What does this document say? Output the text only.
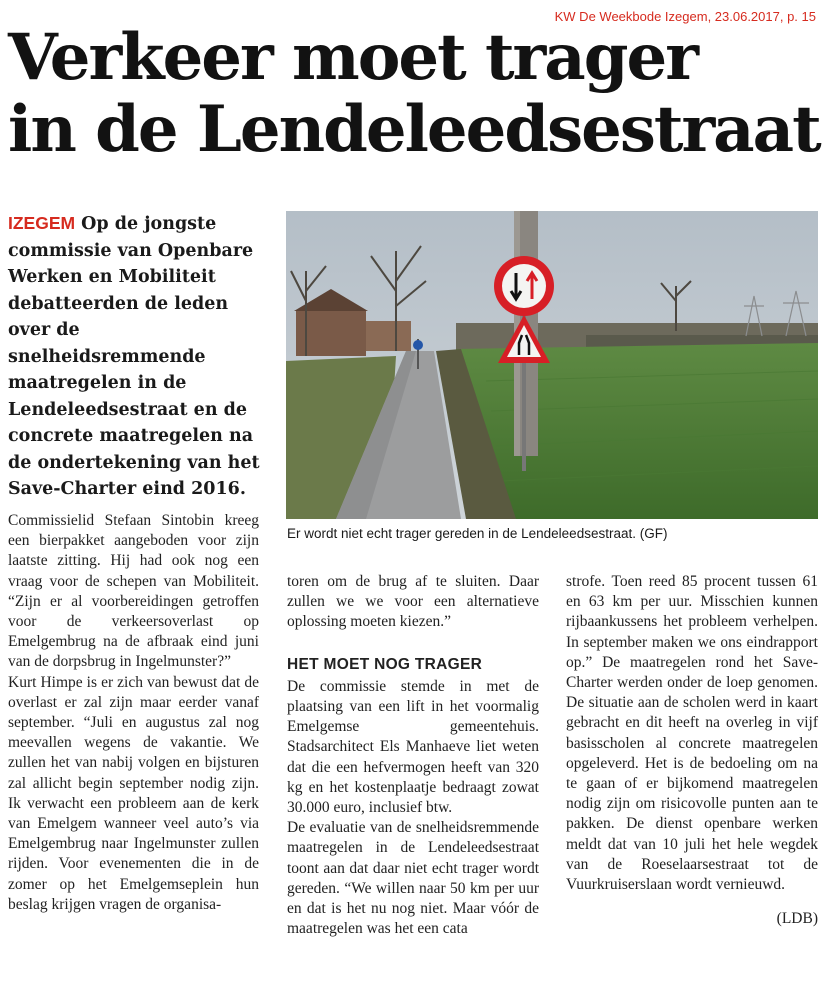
KW De Weekbode Izegem, 23.06.2017, p. 15
Verkeer moet trager
in de Lendeleedsestraat

IZEGEM Op de jongste commissie van Openbare Werken en Mobiliteit debatteerden de leden over de snelheidsremmende maatregelen in de Lendeleedsestraat en de concrete maatregelen na de ondertekening van het Save-Charter eind 2016.

Er wordt niet echt trager gereden in de Lendeleedsestraat. (GF)

Commissielid Stefaan Sintobin kreeg een bierpakket aangeboden voor zijn laatste zitting. Hij had ook nog een vraag voor de schepen van Mobiliteit. “Zijn er al voorbereidingen getroffen voor de verkeersoverlast op Emelgembrug na de afbraak eind juni van de dorpsbrug in Ingelmunster?”

Kurt Himpe is er zich van bewust dat de overlast er zal zijn maar eerder vanaf september. “Juli en augustus zal nog meevallen wegens de vakantie. We zullen het van nabij volgen en bijsturen zal allicht begin september nodig zijn. Ik verwacht een probleem aan de kerk van Emelgem wanneer veel auto’s via Emelgembrug naar Ingelmunster zullen rijden. Voor evenementen die in de zomer op het Emelgemseplein hun beslag krijgen vragen de organisa-

toren om de brug af te sluiten. Daar zullen we we voor een alternatieve oplossing moeten kiezen.”

HET MOET NOG TRAGER

De commissie stemde in met de plaatsing van een lift in het voormalig Emelgemse gemeentehuis. Stadsarchitect Els Manhaeve liet weten dat die een hefvermogen heeft van 320 kg en het kostenplaatje bedraagt zowat 30.000 euro, inclusief btw.

De evaluatie van de snelheidsremmende maatregelen in de Lendeleedsestraat toont aan dat daar niet echt trager wordt gereden. “We willen naar 50 km per uur en dat is het nu nog niet. Maar vóór de maatregelen was het een cata

strofe. Toen reed 85 procent tussen 61 en 63 km per uur. Misschien kunnen rijbaankussens het probleem verhelpen. In september maken we ons eindrapport op.” De maatregelen rond het Save-Charter werden onder de loep genomen. De situatie aan de scholen werd in kaart gebracht en dit heeft na overleg in vijf basisscholen al concrete maatregelen opgeleverd. Het is de bedoeling om na te gaan of er bijkomend maatregelen nodig zijn om risicovolle punten aan te pakken. De dienst openbare werken meldt dat van 10 juli het hele wegdek van de Roeselaarsestraat tot de Vuurkruiserslaan wordt vernieuwd.

(LDB)
